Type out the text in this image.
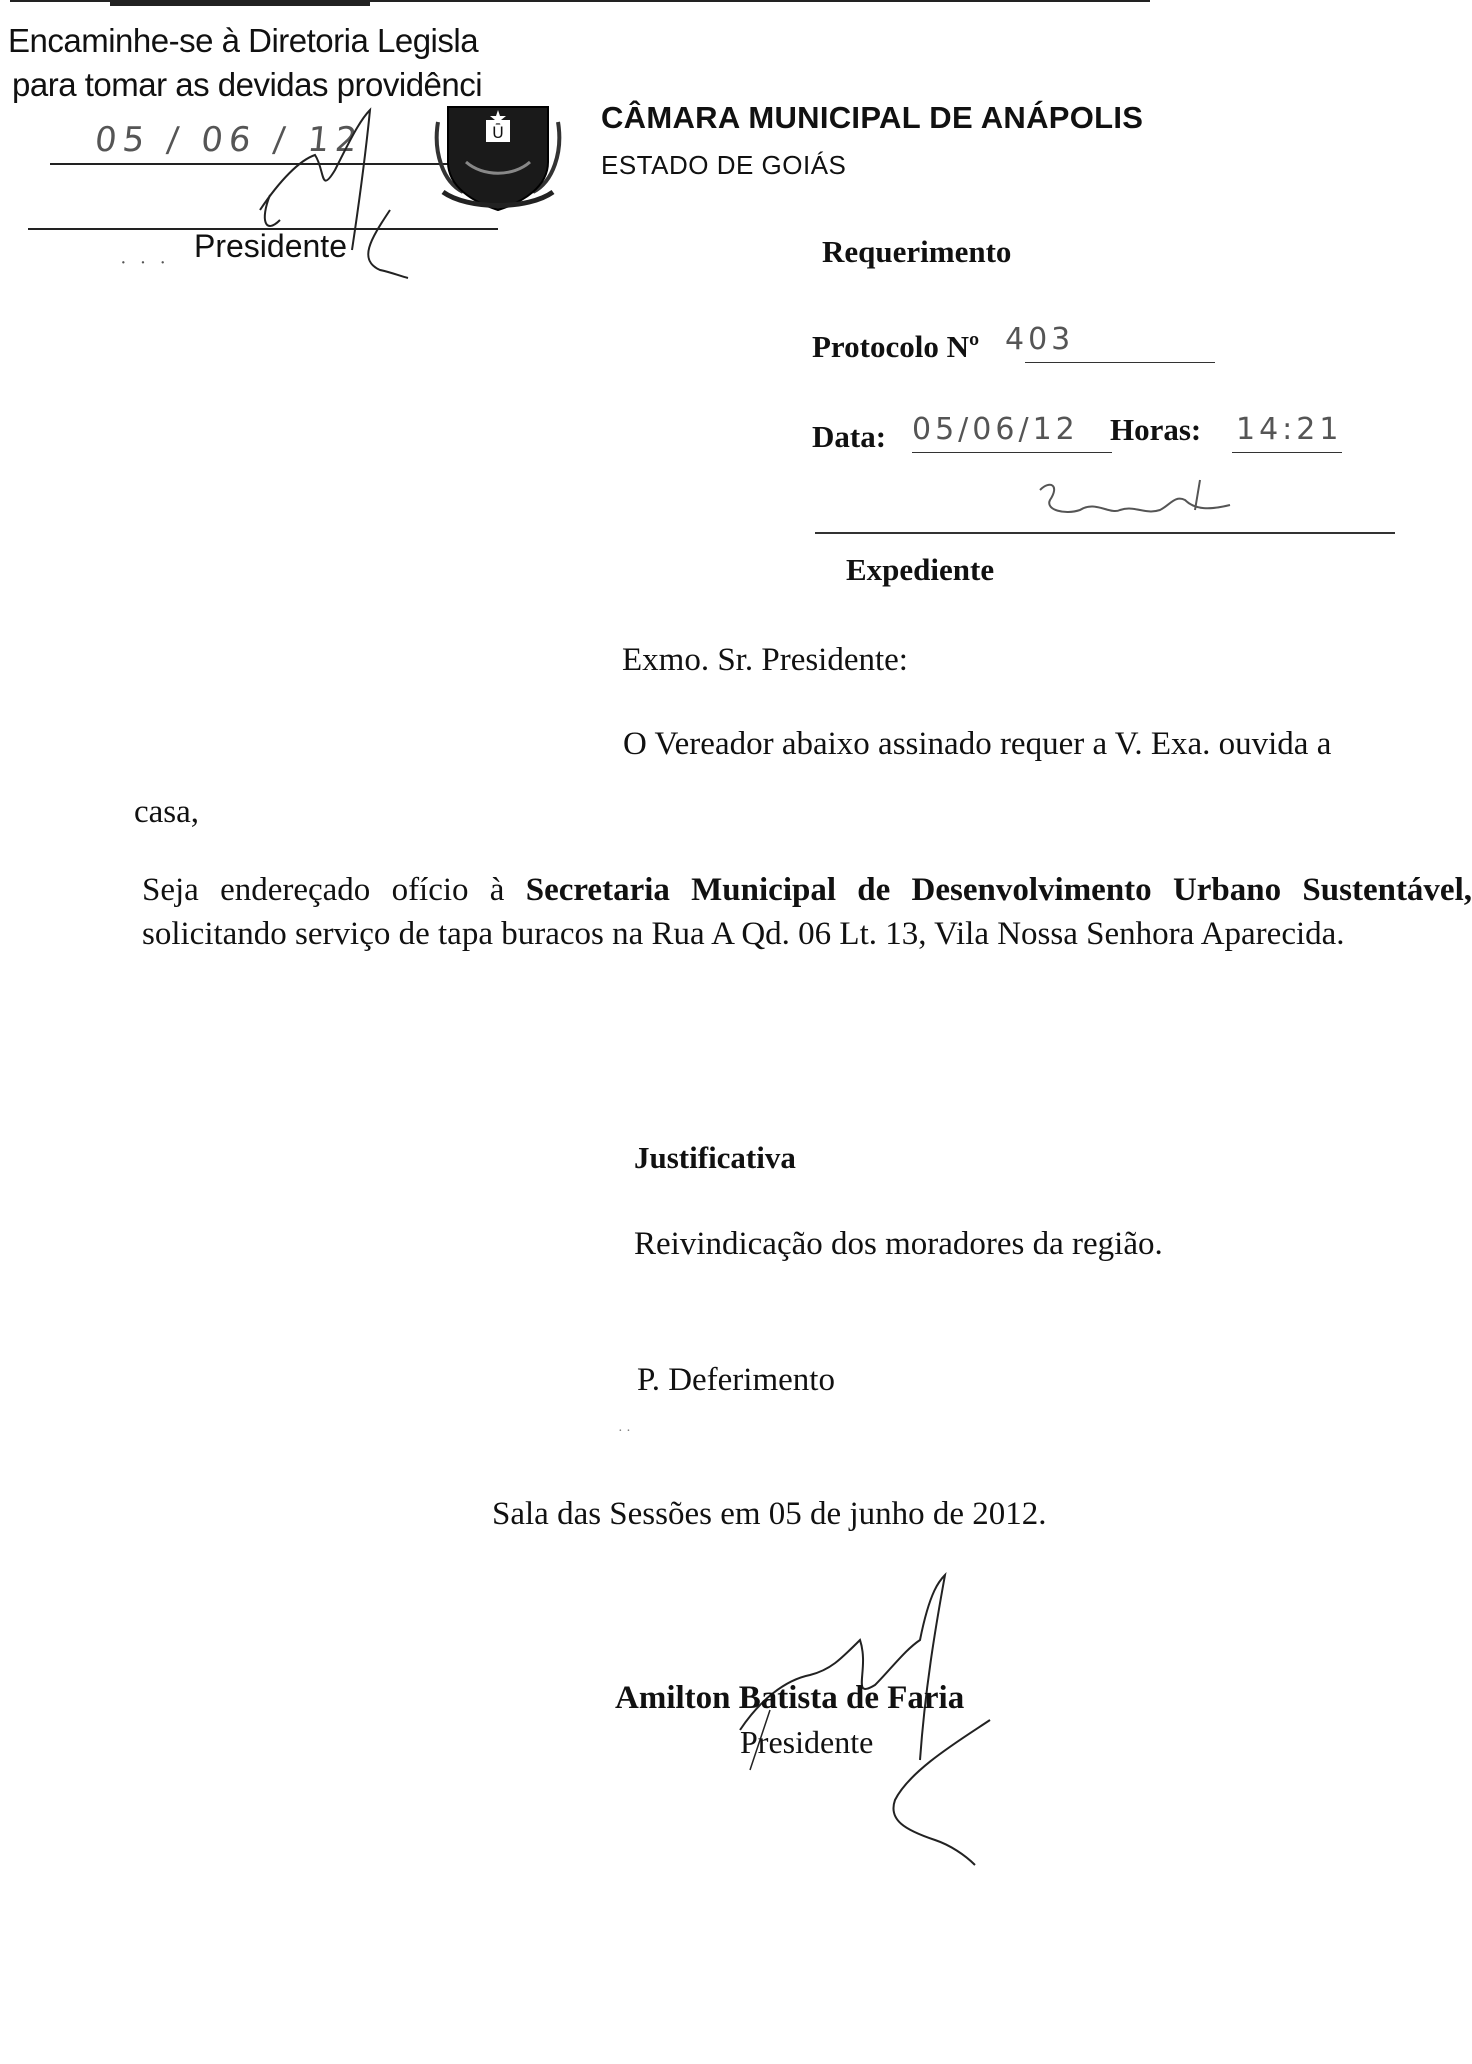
Encaminhe-se à Diretoria Legisla
para tomar as devidas providênci
05 / 06 / 12
Presidente
· · ·
Ū	CÂMARA MUNICIPAL DE ANÁPOLIS
ESTADO DE GOIÁS
Requerimento
Protocolo Nº 403
Data: 05/06/12 Horas: 14:21
Expediente
Exmo. Sr. Presidente:
O Vereador abaixo assinado requer a V. Exa. ouvida a
casa,
Seja endereçado ofício à Secretaria Municipal de Desenvolvimento Urbano Sustentável, solicitando serviço de tapa buracos na Rua A Qd. 06 Lt. 13, Vila Nossa Senhora Aparecida.
Justificativa
Reivindicação dos moradores da região.
P. Deferimento
· ·
Sala das Sessões em 05 de junho de 2012.
Amilton Batista de Faria
Presidente
